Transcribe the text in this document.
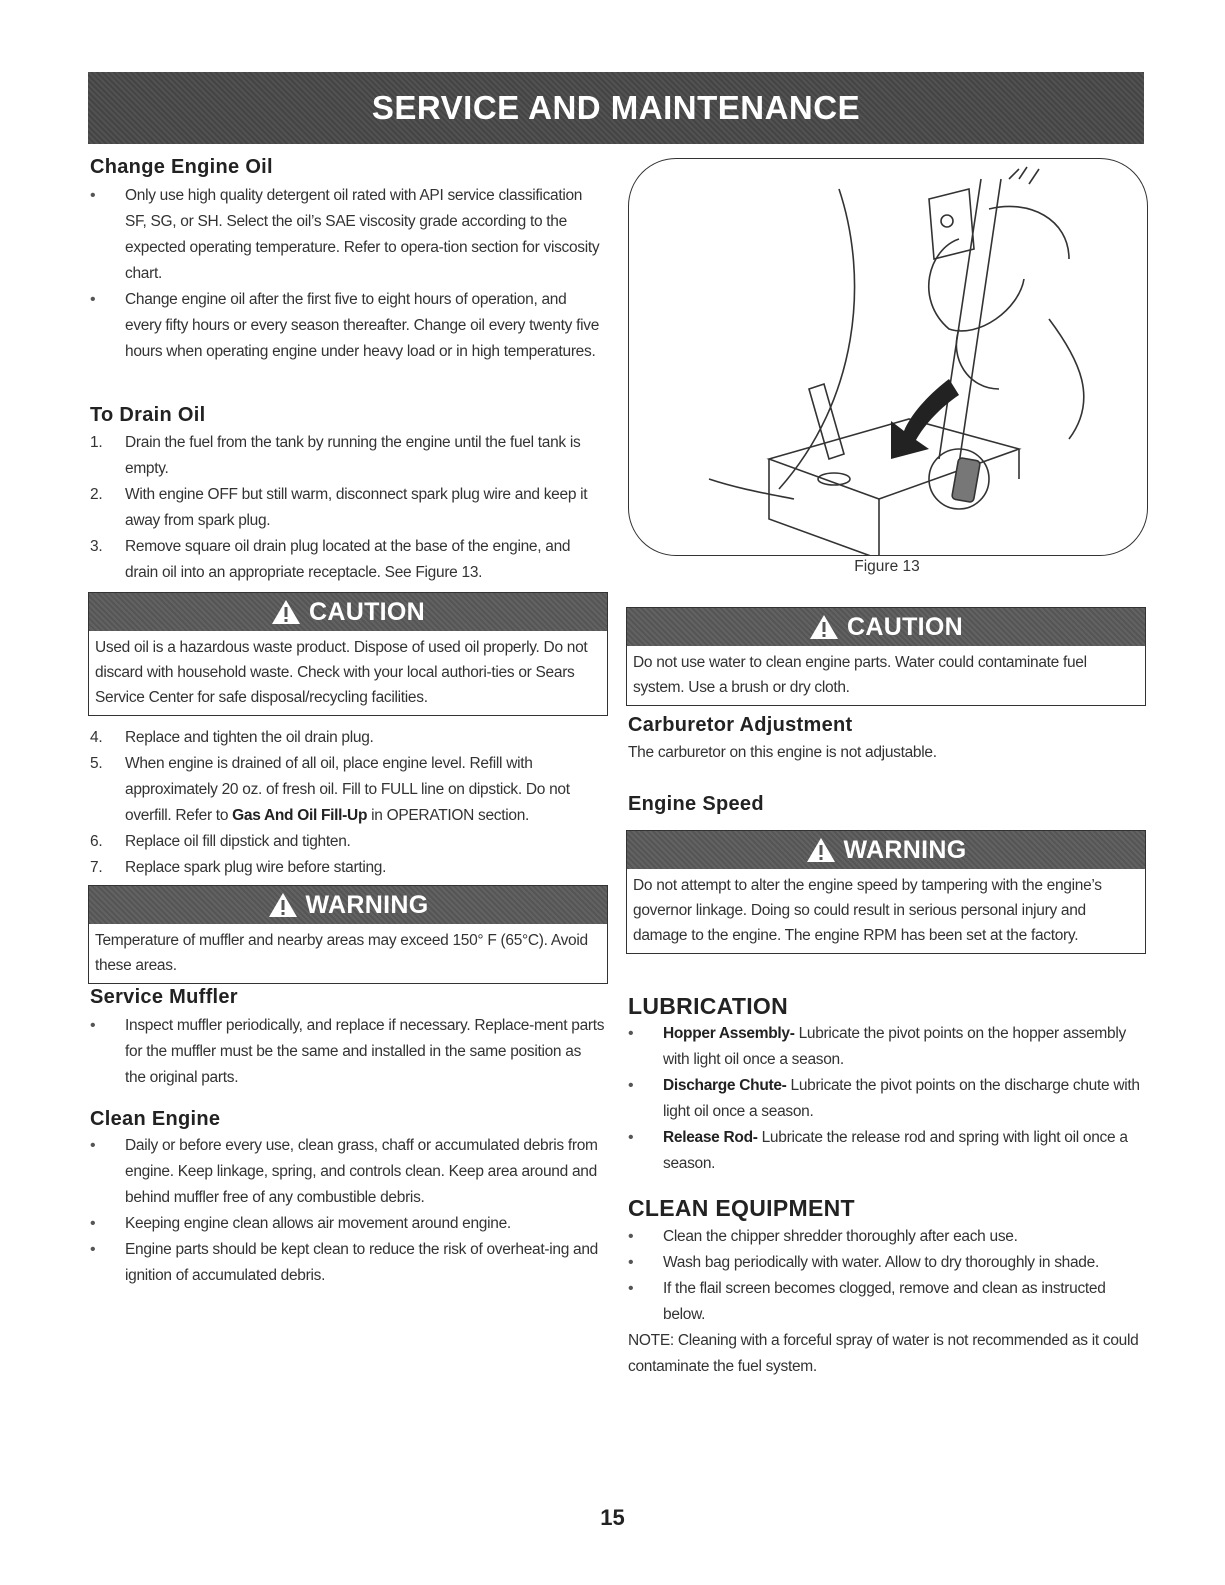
SERVICE AND MAINTENANCE
Change Engine Oil
• Only use high quality detergent oil rated with API service classification SF, SG, or SH. Select the oil’s SAE viscosity grade according to the expected operating temperature. Refer to opera-tion section for viscosity chart.
• Change engine oil after the first five to eight hours of operation, and every fifty hours or every season thereafter. Change oil every twenty five hours when operating engine under heavy load or in high temperatures.
To Drain Oil
1. Drain the fuel from the tank by running the engine until the fuel tank is empty.
2. With engine OFF but still warm, disconnect spark plug wire and keep it away from spark plug.
3. Remove square oil drain plug located at the base of the engine, and drain oil into an appropriate receptacle. See Figure 13.
CAUTION
Used oil is a hazardous waste product. Dispose of used oil properly. Do not discard with household waste. Check with your local authori-ties or Sears Service Center for safe disposal/recycling facilities.
4. Replace and tighten the oil drain plug.
5. When engine is drained of all oil, place engine level. Refill with approximately 20 oz. of fresh oil. Fill to FULL line on dipstick. Do not overfill. Refer to Gas And Oil Fill-Up in OPERATION section.
6. Replace oil fill dipstick and tighten.
7. Replace spark plug wire before starting.
WARNING
Temperature of muffler and nearby areas may exceed 150° F (65°C). Avoid these areas.
Service Muffler
• Inspect muffler periodically, and replace if necessary. Replace-ment parts for the muffler must be the same and installed in the same position as the original parts.
Clean Engine
• Daily or before every use, clean grass, chaff or accumulated debris from engine. Keep linkage, spring, and controls clean. Keep area around and behind muffler free of any combustible debris.
• Keeping engine clean allows air movement around engine.
• Engine parts should be kept clean to reduce the risk of overheat-ing and ignition of accumulated debris.
Figure 13
CAUTION
Do not use water to clean engine parts. Water could contaminate fuel system. Use a brush or dry cloth.
Carburetor Adjustment
The carburetor on this engine is not adjustable.
Engine Speed
WARNING
Do not attempt to alter the engine speed by tampering with the engine’s governor linkage. Doing so could result in serious personal injury and damage to the engine. The engine RPM has been set at the factory.
LUBRICATION
• Hopper Assembly- Lubricate the pivot points on the hopper assembly with light oil once a season.
• Discharge Chute- Lubricate the pivot points on the discharge chute with light oil once a season.
• Release Rod- Lubricate the release rod and spring with light oil once a season.
CLEAN EQUIPMENT
• Clean the chipper shredder thoroughly after each use.
• Wash bag periodically with water. Allow to dry thoroughly in shade.
• If the flail screen becomes clogged, remove and clean as instructed below.
NOTE: Cleaning with a forceful spray of water is not recommended as it could contaminate the fuel system.
15
